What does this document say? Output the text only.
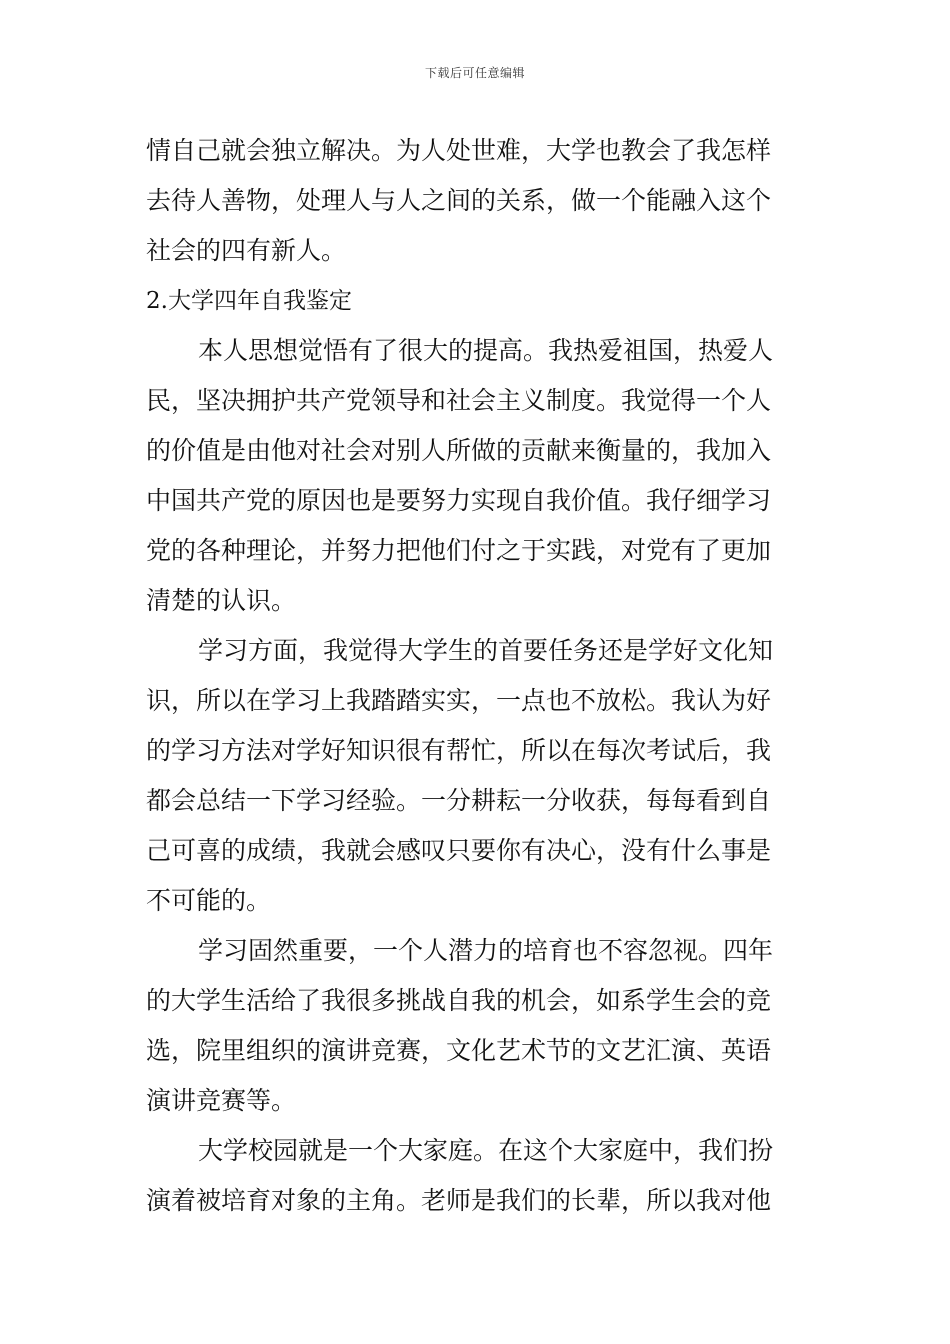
下载后可任意编辑
情自己就会独立解决。为人处世难，大学也教会了我怎样
去待人善物，处理人与人之间的关系，做一个能融入这个
社会的四有新人。
2.大学四年自我鉴定
本人思想觉悟有了很大的提高。我热爱祖国，热爱人
民，坚决拥护共产党领导和社会主义制度。我觉得一个人
的价值是由他对社会对别人所做的贡献来衡量的，我加入
中国共产党的原因也是要努力实现自我价值。我仔细学习
党的各种理论，并努力把他们付之于实践，对党有了更加
清楚的认识。
学习方面，我觉得大学生的首要任务还是学好文化知
识，所以在学习上我踏踏实实，一点也不放松。我认为好
的学习方法对学好知识很有帮忙，所以在每次考试后，我
都会总结一下学习经验。一分耕耘一分收获，每每看到自
己可喜的成绩，我就会感叹只要你有决心，没有什么事是
不可能的。
学习固然重要，一个人潜力的培育也不容忽视。四年
的大学生活给了我很多挑战自我的机会，如系学生会的竞
选，院里组织的演讲竞赛，文化艺术节的文艺汇演、英语
演讲竞赛等。
大学校园就是一个大家庭。在这个大家庭中，我们扮
演着被培育对象的主角。老师是我们的长辈，所以我对他
